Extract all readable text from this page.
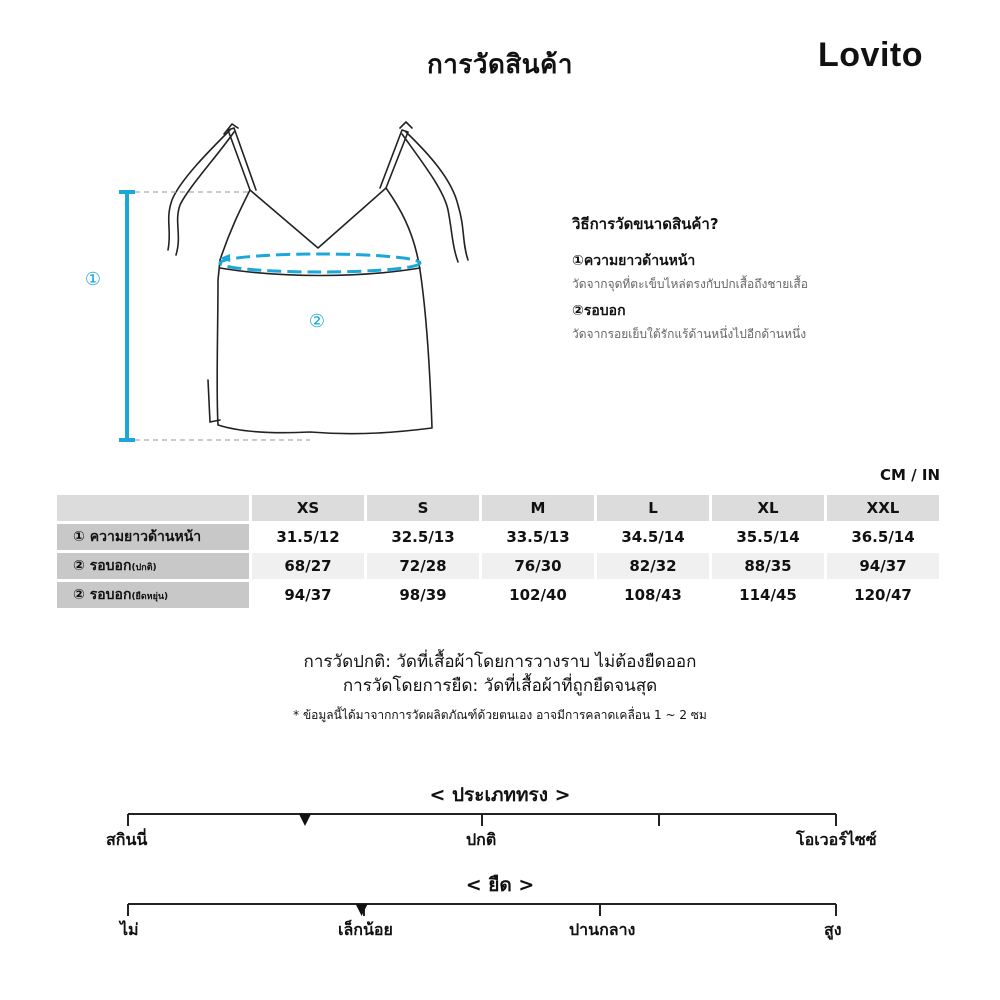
การวัดสินค้า	Lovito
①
②
วิธีการวัดขนาดสินค้า?
①ความยาวด้านหน้า
วัดจากจุดที่ตะเข็บไหล่ตรงกับปกเสื้อถึงชายเสื้อ
②รอบอก
วัดจากรอยเย็บใต้รักแร้ด้านหนึ่งไปอีกด้านหนึ่ง
CM / IN
	XS	S	M	L	XL	XXL
① ความยาวด้านหน้า	31.5/12	32.5/13	33.5/13	34.5/14	35.5/14	36.5/14
② รอบอก(ปกติ)	68/27	72/28	76/30	82/32	88/35	94/37
② รอบอก(ยืดหยุ่น)	94/37	98/39	102/40	108/43	114/45	120/47
การวัดปกติ: วัดที่เสื้อผ้าโดยการวางราบ ไม่ต้องยืดออก
การวัดโดยการยืด: วัดที่เสื้อผ้าที่ถูกยืดจนสุด
* ข้อมูลนี้ได้มาจากการวัดผลิตภัณฑ์ด้วยตนเอง อาจมีการคลาดเคลื่อน 1 ~ 2 ซม
< ประเภททรง >
สกินนี่	ปกติ	โอเวอร์ไซซ์
< ยืด >
ไม่	เล็กน้อย	ปานกลาง	สูง
